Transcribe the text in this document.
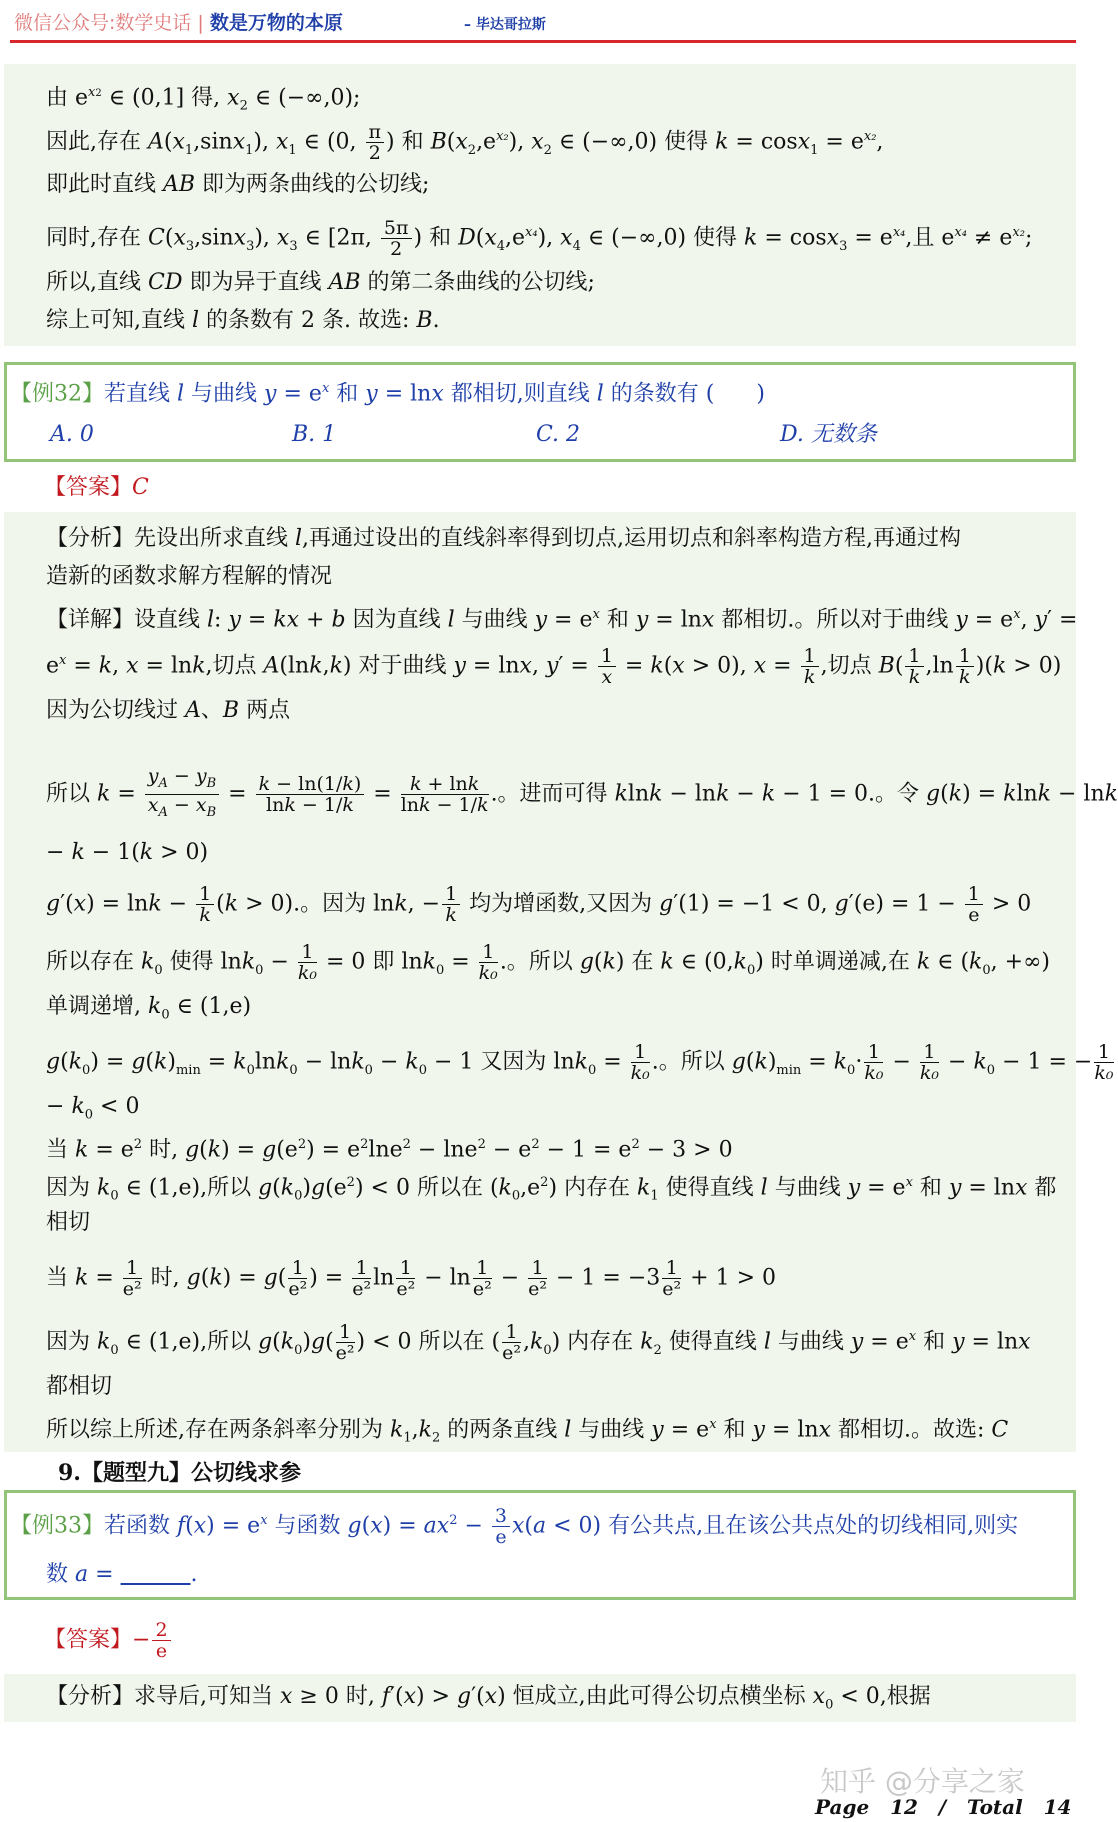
微信公众号:数学史话 | 数是万物的本原	– 毕达哥拉斯
由 $e^{x2}$ ∈ (0,1] 得, $x_2$ ∈ (−∞,0);
因此,存在 $A(x_1,\sin x_1)$, $x_1$ ∈ (0, $\frac{\pi}{2}$ ) 和 $B(x_2,e^{x_2})$, $x_2$ ∈ (−∞,0) 使得 $k = \cos x_1 = e^{x_2}$,
即此时直线 AB 即为两条曲线的公切线;
同时,存在 $C(x_3,\sin x_3)$, $x_3$ ∈ [2π, $\frac{5\pi}{2}$ ) 和 $D(x_4,e^{x_4})$, $x_4$ ∈ (−∞,0) 使得 $k = \cos x_3 = e^{x_4}$,且 $e^{x_4} \ne e^{x_2}$;
所以,直线 CD 即为异于直线 AB 的第二条曲线的公切线;
综上可知,直线 l 的条数有 2 条. 故选: B.
【例32】若直线 l 与曲线 $y = e^x$ 和 y = lnx 都相切,则直线 l 的条数有 (      )
A. 0	B. 1	C. 2	D. 无数条
【答案】C
【分析】先设出所求直线 l,再通过设出的直线斜率得到切点,运用切点和斜率构造方程,再通过构
造新的函数求解方程解的情况
【详解】设直线 l: y = kx + b 因为直线 l 与曲线 $y = e^x$ 和 y = lnx 都相切.。所以对于曲线 $y = e^x$, y′ =
$e^x = k$, x = lnk,切点 A(lnk,k) 对于曲线 y = lnx, $y' = \frac{1}{x} = k(x > 0)$, $x = \frac{1}{k}$ ,切点 $B( \frac{1}{k} ,\ln \frac{1}{k} )(k > 0)$
因为公切线过 A、B 两点
所以 $k = \frac{y_A - y_B}{x_A - x_B} = \frac{k - \ln(1/k)}{\ln k - 1/k} = \frac{k + \ln k}{\ln k - 1/k}$ .。进而可得 klnk − lnk − k − 1 = 0.。令 g(k) = klnk − lnk
− k − 1(k > 0)
$g'(x) = \ln k - \frac{1}{k} (k > 0)$.。因为 lnk, − $\frac{1}{k}$ 均为增函数,又因为 g′(1) = −1 < 0, $g'(e) = 1 - \frac{1}{e} > 0$
所以存在 $k_0$ 使得 $\ln k_0 - \frac{1}{\text{k₀}} = 0$ 即 $\ln k_0 = \frac{1}{\text{k₀}}$ .。所以 g(k) 在 k ∈ $(0,k_0)$ 时单调递减,在 k ∈ ($k_0$, +∞)
单调递增, $k_0$ ∈ (1,e)
$g(k_0) = g(k)_{min} = k_0\ln k_0 - \ln k_0 - k_0 - 1$ 又因为 $\ln k_0 = \frac{1}{\text{k₀}}$ .。所以 $g(k)_{min} = k_0\cdot \frac{1}{\text{k₀}} - \frac{1}{\text{k₀}} - k_0 - 1$ = − $\frac{1}{\text{k₀}}$
− $k_0 < 0$
当 $k = e^2$ 时, $g(k) = g(e^2) = e^2\ln e^2 - \ln e^2 - e^2 - 1 = e^2 - 3 > 0$
因为 $k_0$ ∈ (1,e),所以 $g(k_0)g(e^2) < 0$ 所以在 $(k_0,e^2)$ 内存在 $k_1$ 使得直线 l 与曲线 $y = e^x$ 和 y = lnx 都
相切
当 $k = \frac{1}{\text{e²}}$ 时, $g(k) = g( \frac{1}{\text{e²}}$ ) = $\frac{1}{\text{e²}}$ $\ln \frac{1}{\text{e²}} - \ln \frac{1}{\text{e²}} - \frac{1}{\text{e²}} - 1 = -3 \frac{1}{\text{e²}} + 1 > 0$
因为 $k_0$ ∈ (1,e),所以 $g(k_0)g( \frac{1}{\text{e²}}$ ) < 0 所以在 ( $\frac{1}{\text{e²}} ,k_0$) 内存在 $k_2$ 使得直线 l 与曲线 $y = e^x$ 和 y = lnx
都相切
所以综上所述,存在两条斜率分别为 $k_1,k_2$ 的两条直线 l 与曲线 $y = e^x$ 和 y = lnx 都相切.。故选: C
9.【题型九】公切线求参
【例33】若函数 $f(x) = e^x$ 与函数 $g(x) = ax^2 - \frac{3}{e} x(a < 0)$ 有公共点,且在该公共点处的切线相同,则实
数 a =	.
【答案】− $\frac{2}{e}$
【分析】求导后,可知当 x ≥ 0 时, f′(x) > g′(x) 恒成立,由此可得公切点横坐标 $x_0 < 0$,根据
知乎 @分享之家
Page 12 / Total 14
